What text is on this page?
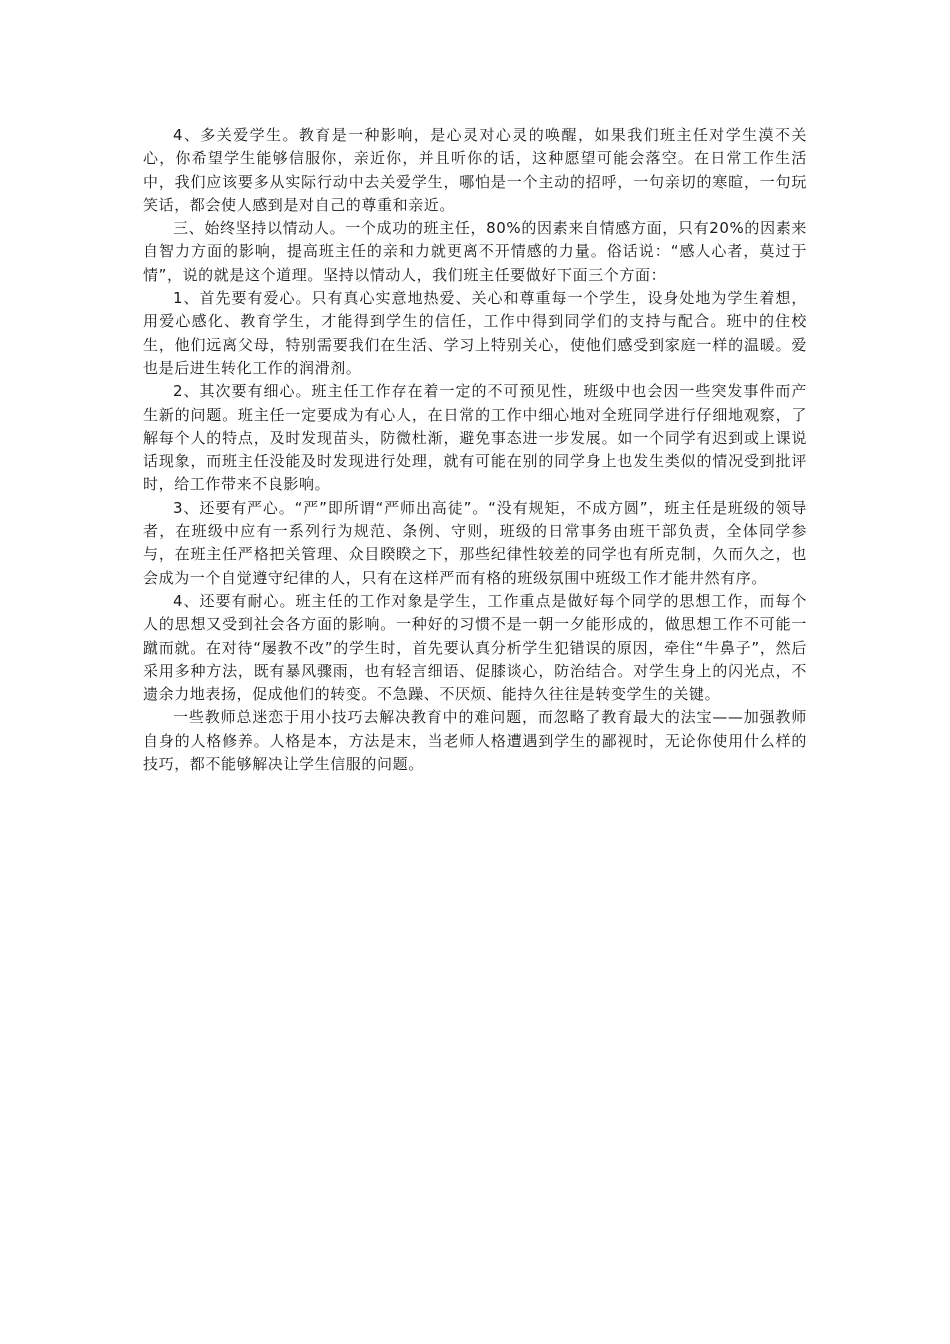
4、多关爱学生。教育是一种影响，是心灵对心灵的唤醒，如果我们班主任对学生漠不关心，你希望学生能够信服你，亲近你，并且听你的话，这种愿望可能会落空。在日常工作生活中，我们应该要多从实际行动中去关爱学生，哪怕是一个主动的招呼，一句亲切的寒暄，一句玩笑话，都会使人感到是对自己的尊重和亲近。

三、始终坚持以情动人。一个成功的班主任，80%的因素来自情感方面，只有20%的因素来自智力方面的影响，提高班主任的亲和力就更离不开情感的力量。俗话说：“感人心者，莫过于情”，说的就是这个道理。坚持以情动人，我们班主任要做好下面三个方面：

1、首先要有爱心。只有真心实意地热爱、关心和尊重每一个学生，设身处地为学生着想，用爱心感化、教育学生，才能得到学生的信任，工作中得到同学们的支持与配合。班中的住校生，他们远离父母，特别需要我们在生活、学习上特别关心，使他们感受到家庭一样的温暖。爱也是后进生转化工作的润滑剂。

2、其次要有细心。班主任工作存在着一定的不可预见性，班级中也会因一些突发事件而产生新的问题。班主任一定要成为有心人，在日常的工作中细心地对全班同学进行仔细地观察，了解每个人的特点，及时发现苗头，防微杜渐，避免事态进一步发展。如一个同学有迟到或上课说话现象，而班主任没能及时发现进行处理，就有可能在别的同学身上也发生类似的情况受到批评时，给工作带来不良影响。

3、还要有严心。“严”即所谓“严师出高徒”。“没有规矩，不成方圆”，班主任是班级的领导者，在班级中应有一系列行为规范、条例、守则，班级的日常事务由班干部负责，全体同学参与，在班主任严格把关管理、众目睽睽之下，那些纪律性较差的同学也有所克制，久而久之，也会成为一个自觉遵守纪律的人，只有在这样严而有格的班级氛围中班级工作才能井然有序。

4、还要有耐心。班主任的工作对象是学生，工作重点是做好每个同学的思想工作，而每个人的思想又受到社会各方面的影响。一种好的习惯不是一朝一夕能形成的，做思想工作不可能一蹴而就。在对待“屡教不改”的学生时，首先要认真分析学生犯错误的原因，牵住“牛鼻子”，然后采用多种方法，既有暴风骤雨，也有轻言细语、促膝谈心，防治结合。对学生身上的闪光点，不遗余力地表扬，促成他们的转变。不急躁、不厌烦、能持久往往是转变学生的关键。

一些教师总迷恋于用小技巧去解决教育中的难问题，而忽略了教育最大的法宝——加强教师自身的人格修养。人格是本，方法是末，当老师人格遭遇到学生的鄙视时，无论你使用什么样的技巧，都不能够解决让学生信服的问题。
